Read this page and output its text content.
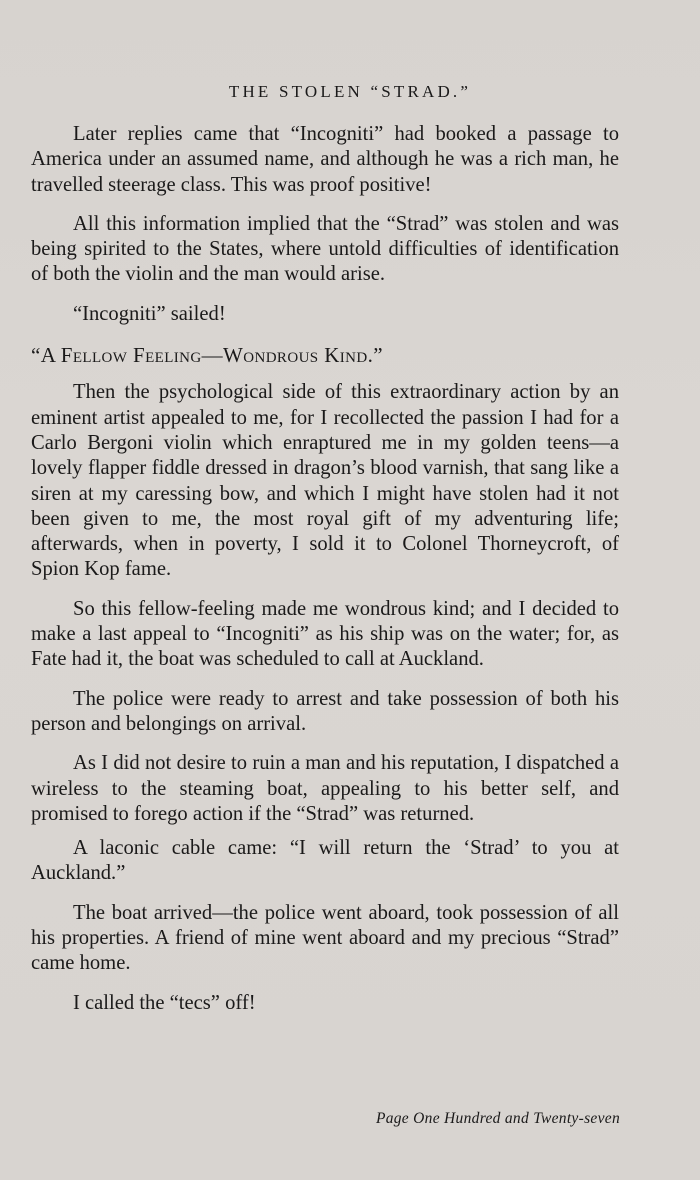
THE STOLEN “STRAD.”

Later replies came that “Incogniti” had booked a passage to America under an assumed name, and although he was a rich man, he travelled steerage class. This was proof positive!

All this information implied that the “Strad” was stolen and was being spirited to the States, where untold difficulties of identification of both the violin and the man would arise.

“Incogniti” sailed!

“A Fellow Feeling—Wondrous Kind.”

Then the psychological side of this extraordinary action by an eminent artist appealed to me, for I recollected the passion I had for a Carlo Bergoni violin which enraptured me in my golden teens—a lovely flapper fiddle dressed in dragon’s blood varnish, that sang like a siren at my caressing bow, and which I might have stolen had it not been given to me, the most royal gift of my adventuring life; afterwards, when in poverty, I sold it to Colonel Thorneycroft, of Spion Kop fame.

So this fellow-feeling made me wondrous kind; and I decided to make a last appeal to “Incogniti” as his ship was on the water; for, as Fate had it, the boat was scheduled to call at Auckland.

The police were ready to arrest and take possession of both his person and belongings on arrival.

As I did not desire to ruin a man and his reputation, I dispatched a wireless to the steaming boat, appealing to his better self, and promised to forego action if the “Strad” was returned.

A laconic cable came: “I will return the ‘Strad’ to you at Auckland.”

The boat arrived—the police went aboard, took possession of all his properties. A friend of mine went aboard and my precious “Strad” came home.

I called the “tecs” off!

Page One Hundred and Twenty-seven
